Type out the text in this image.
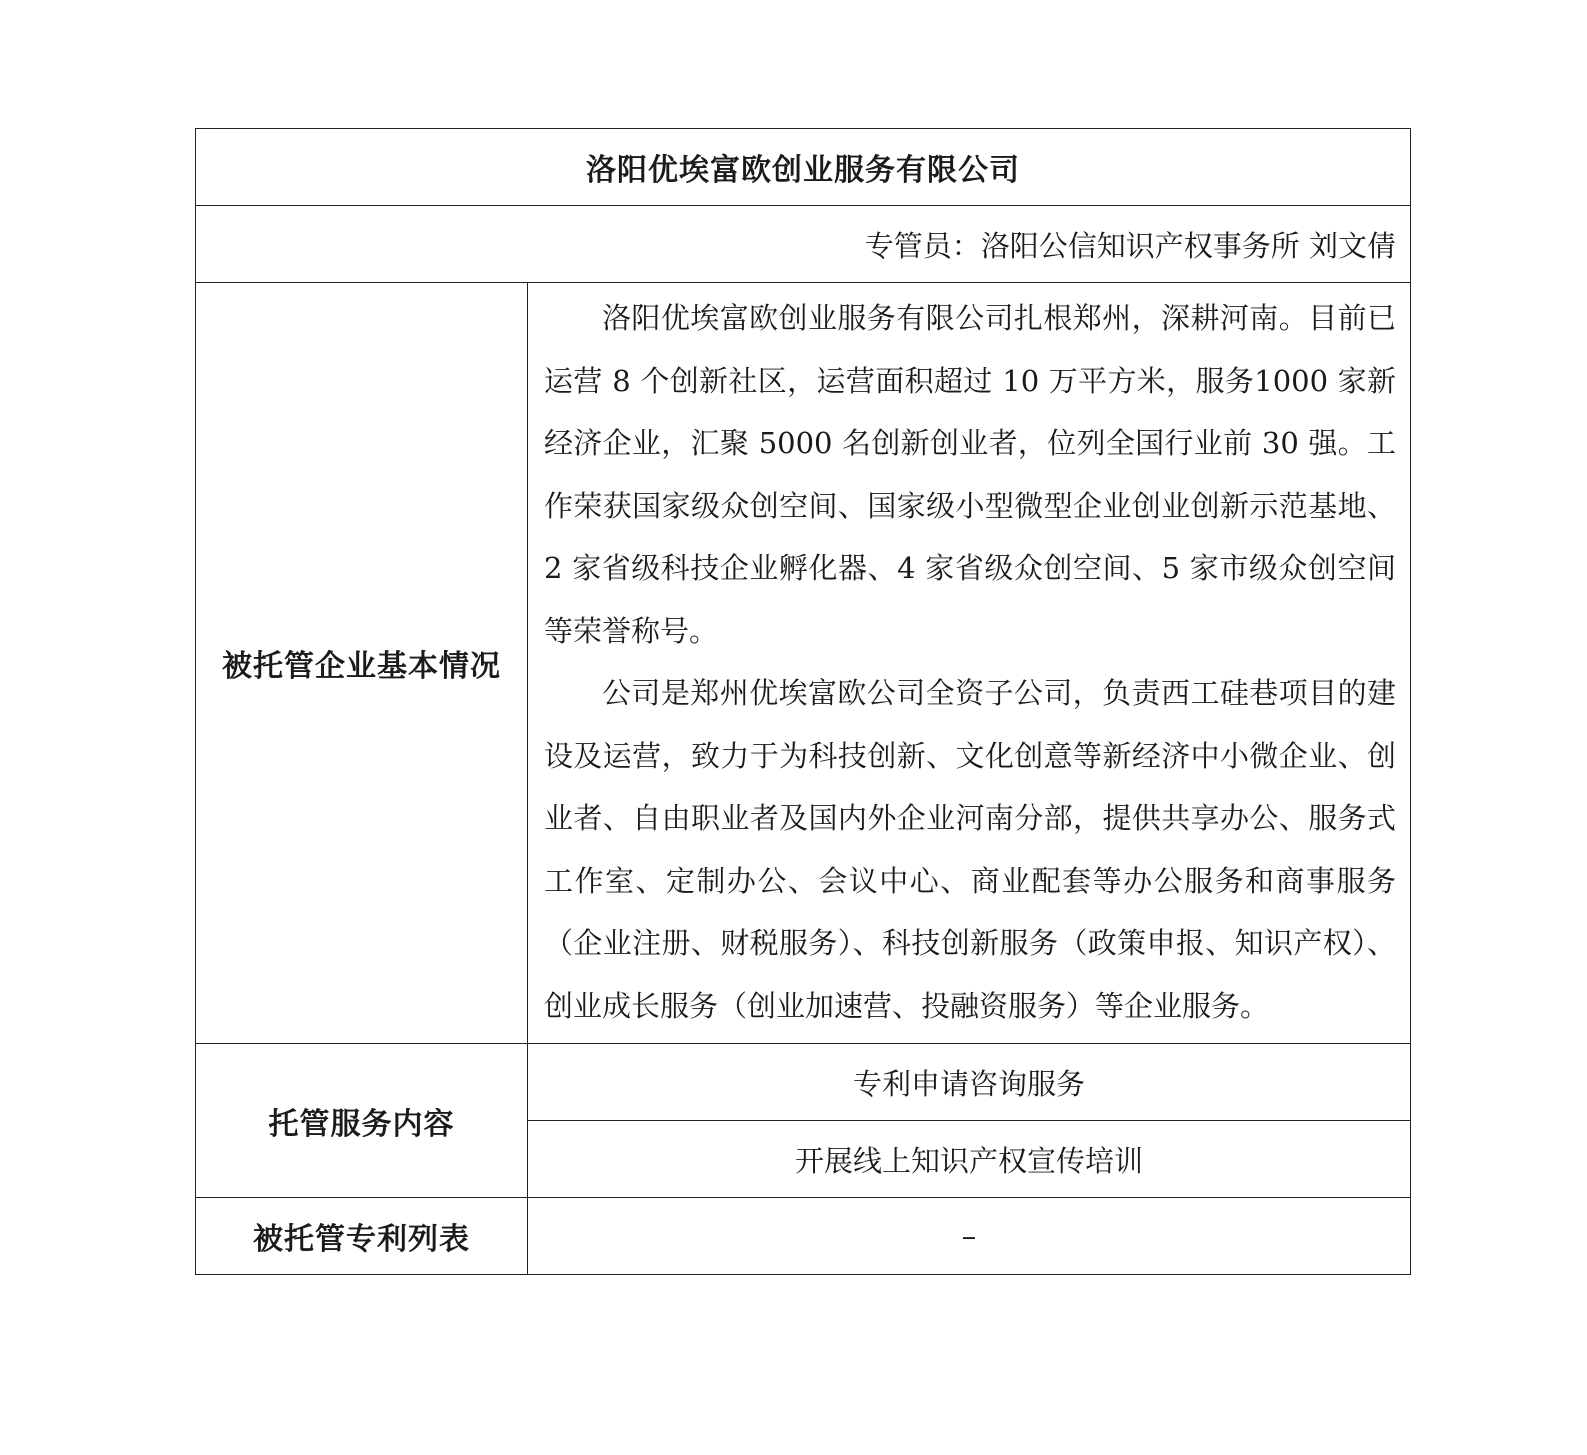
洛阳优埃富欧创业服务有限公司	
专管员：洛阳公信知识产权事务所 刘文倩	
被托管企业基本情况	洛阳优埃富欧创业服务有限公司扎根郑州，深耕河南。目前已运营 8 个创新社区，运营面积超过 10 万平方米，服务1000 家新经济企业，汇聚 5000 名创新创业者，位列全国行业前 30 强。工作荣获国家级众创空间、国家级小型微型企业创业创新示范基地、2 家省级科技企业孵化器、4 家省级众创空间、5 家市级众创空间等荣誉称号。

公司是郑州优埃富欧公司全资子公司，负责西工硅巷项目的建设及运营，致力于为科技创新、文化创意等新经济中小微企业、创业者、自由职业者及国内外企业河南分部，提供共享办公、服务式工作室、定制办公、会议中心、商业配套等办公服务和商事服务（企业注册、财税服务）、科技创新服务（政策申报、知识产权）、创业成长服务（创业加速营、投融资服务）等企业服务。

托管服务内容	专利申请咨询服务
	开展线上知识产权宣传培训
被托管专利列表	–
